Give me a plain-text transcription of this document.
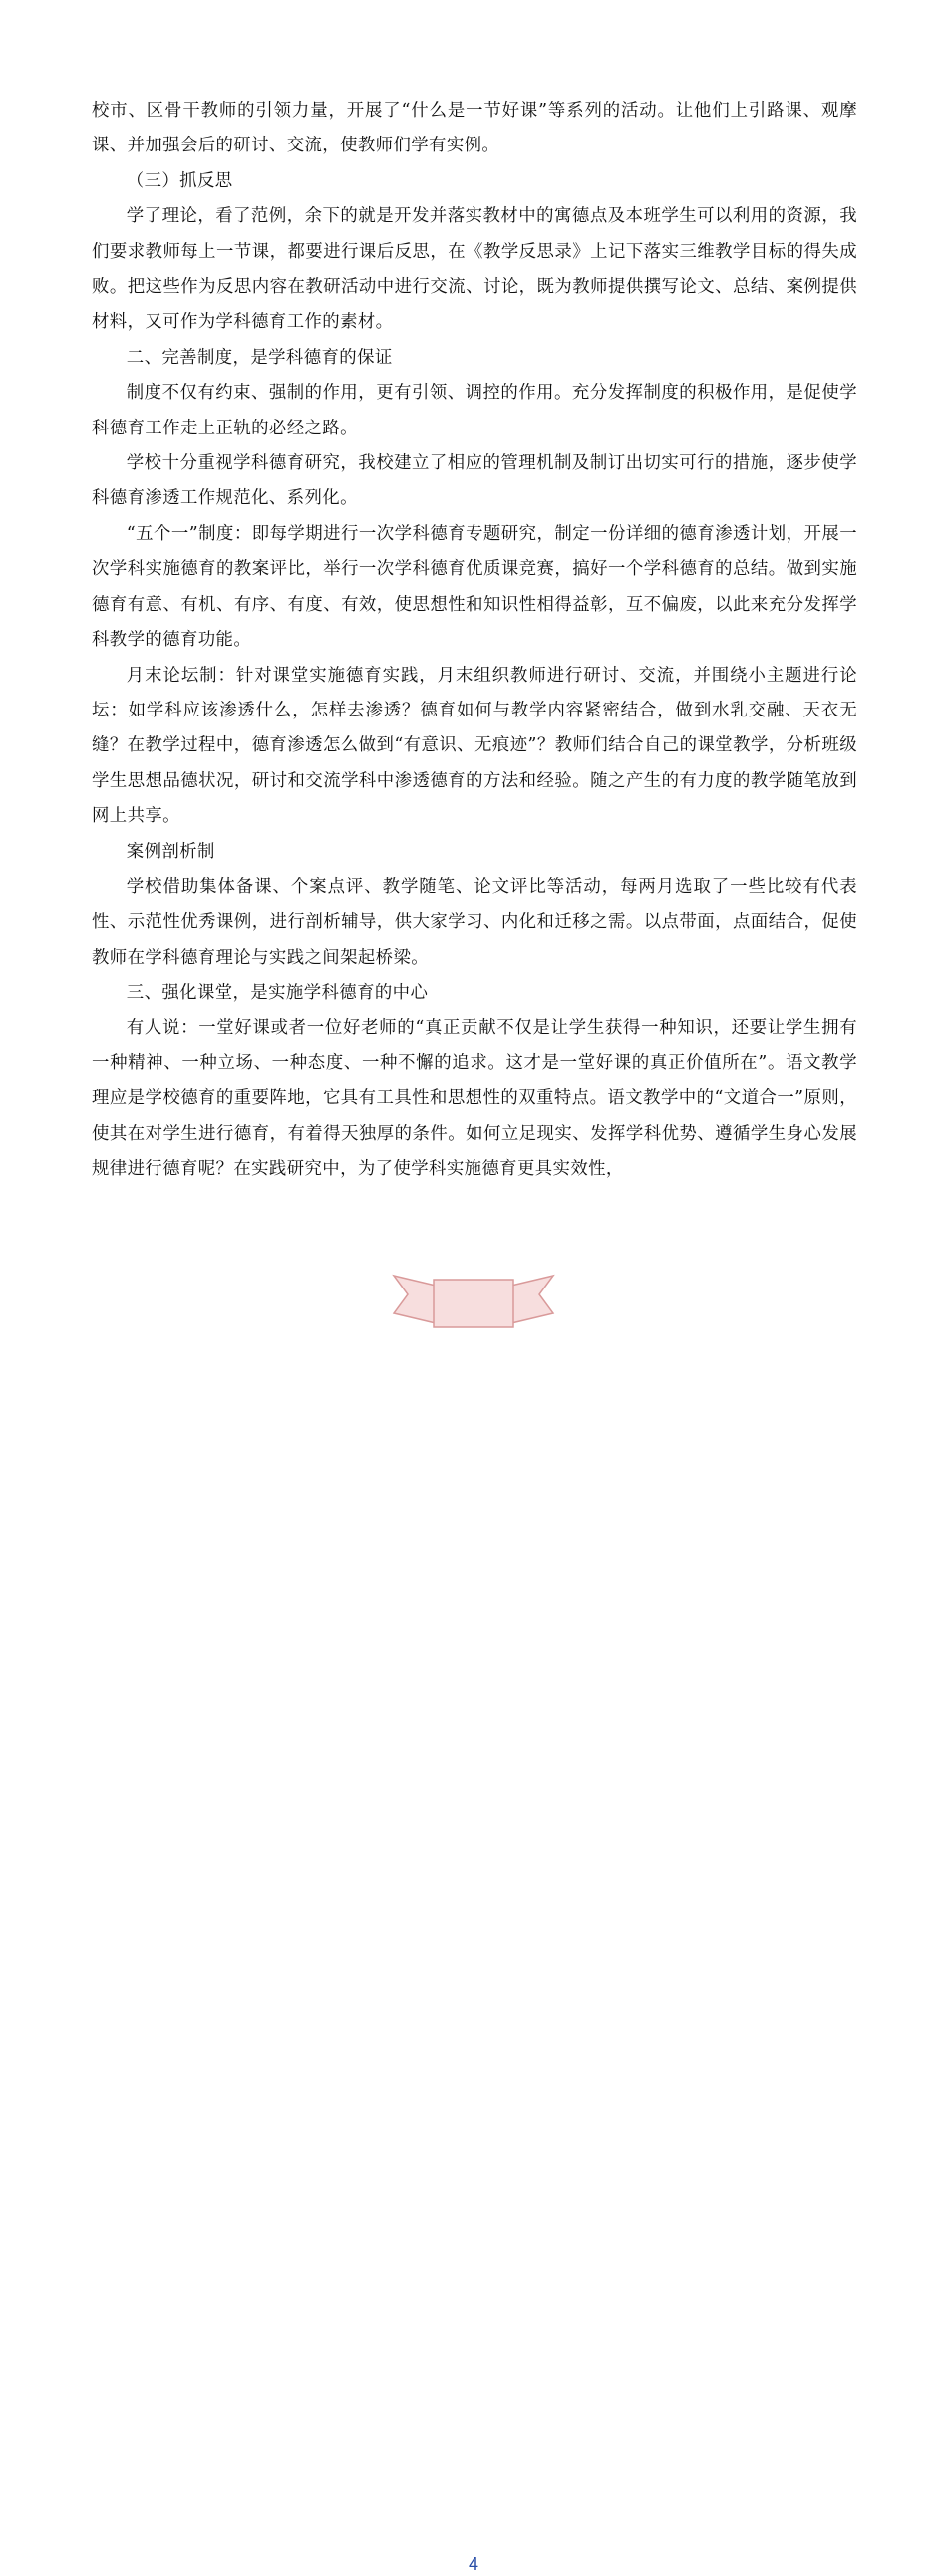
校市、区骨干教师的引领力量，开展了“什么是一节好课”等系列的活动。让他们上引路课、观摩课、并加强会后的研讨、交流，使教师们学有实例。

（三）抓反思

学了理论，看了范例，余下的就是开发并落实教材中的寓德点及本班学生可以利用的资源，我们要求教师每上一节课，都要进行课后反思，在《教学反思录》上记下落实三维教学目标的得失成败。把这些作为反思内容在教研活动中进行交流、讨论，既为教师提供撰写论文、总结、案例提供材料，又可作为学科德育工作的素材。

二、完善制度，是学科德育的保证

制度不仅有约束、强制的作用，更有引领、调控的作用。充分发挥制度的积极作用，是促使学科德育工作走上正轨的必经之路。

学校十分重视学科德育研究，我校建立了相应的管理机制及制订出切实可行的措施，逐步使学科德育渗透工作规范化、系列化。

“五个一”制度：即每学期进行一次学科德育专题研究，制定一份详细的德育渗透计划，开展一次学科实施德育的教案评比，举行一次学科德育优质课竞赛，搞好一个学科德育的总结。做到实施德育有意、有机、有序、有度、有效，使思想性和知识性相得益彰，互不偏废，以此来充分发挥学科教学的德育功能。

月末论坛制：针对课堂实施德育实践，月末组织教师进行研讨、交流，并围绕小主题进行论坛：如学科应该渗透什么，怎样去渗透？德育如何与教学内容紧密结合，做到水乳交融、天衣无缝？在教学过程中，德育渗透怎么做到“有意识、无痕迹”？教师们结合自己的课堂教学，分析班级学生思想品德状况，研讨和交流学科中渗透德育的方法和经验。随之产生的有力度的教学随笔放到网上共享。

案例剖析制

学校借助集体备课、个案点评、教学随笔、论文评比等活动，每两月选取了一些比较有代表性、示范性优秀课例，进行剖析辅导，供大家学习、内化和迁移之需。以点带面，点面结合，促使教师在学科德育理论与实践之间架起桥梁。

三、强化课堂，是实施学科德育的中心

有人说：一堂好课或者一位好老师的“真正贡献不仅是让学生获得一种知识，还要让学生拥有一种精神、一种立场、一种态度、一种不懈的追求。这才是一堂好课的真正价值所在”。语文教学理应是学校德育的重要阵地，它具有工具性和思想性的双重特点。语文教学中的“文道合一”原则，使其在对学生进行德育，有着得天独厚的条件。如何立足现实、发挥学科优势、遵循学生身心发展规律进行德育呢？在实践研究中，为了使学科实施德育更具实效性，

4
